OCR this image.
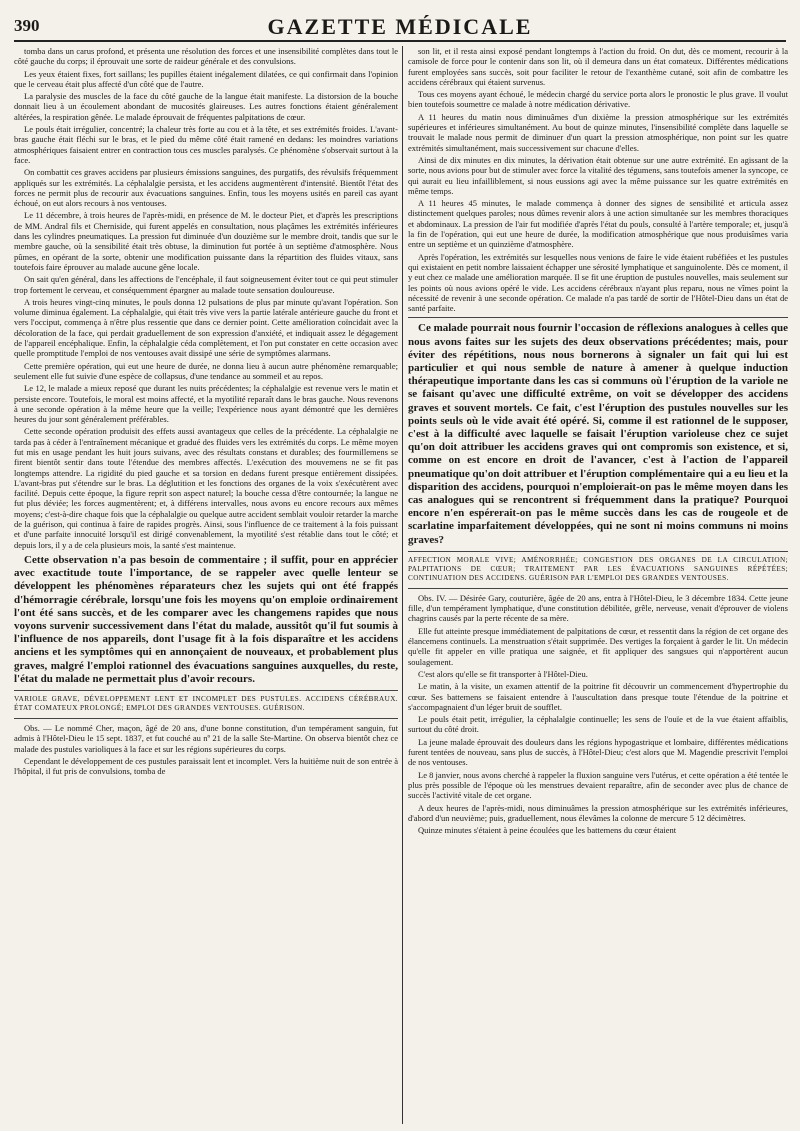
390	GAZETTE MÉDICALE

tomba dans un carus profond, et présenta une résolution des forces et une insensibilité complètes dans tout le côté gauche du corps; il éprouvait une sorte de raideur générale et des convulsions.

Les yeux étaient fixes, fort saillans; les pupilles étaient inégalement dilatées, ce qui confirmait dans l'opinion que le cerveau était plus affecté d'un côté que de l'autre.

La paralysie des muscles de la face du côté gauche de la langue était manifeste. La distorsion de la bouche donnait lieu à un écoulement abondant de mucosités glaireuses. Les autres fonctions étaient généralement altérées, la respiration gênée. Le malade éprouvait de fréquentes palpitations de cœur.

Le pouls était irrégulier, concentré; la chaleur très forte au cou et à la tête, et ses extrémités froides. L'avant-bras gauche était fléchi sur le bras, et le pied du même côté était ramené en dedans: les moindres variations atmosphériques faisaient entrer en contraction tous ces muscles paralysés. Ce phénomène s'observait surtout à la face.

On combattit ces graves accidens par plusieurs émissions sanguines, des purgatifs, des révulsifs fréquemment appliqués sur les extrémités. La céphalalgie persista, et les accidens augmentèrent d'intensité. Bientôt l'état des forces ne permit plus de recourir aux évacuations sanguines. Enfin, tous les moyens usités en pareil cas ayant échoué, on eut alors recours à nos ventouses.

Le 11 décembre, à trois heures de l'après-midi, en présence de M. le docteur Piet, et d'après les prescriptions de MM. Andral fils et Cherniside, qui furent appelés en consultation, nous plaçâmes les extrémités inférieures dans les cylindres pneumatiques. La pression fut diminuée d'un douzième sur le membre droit, tandis que sur le membre gauche, où la sensibilité était très obtuse, la diminution fut portée à un septième d'atmosphère. Nous pûmes, en opérant de la sorte, obtenir une modification puissante dans la répartition des fluides vitaux, sans toutefois faire éprouver au malade aucune gêne locale.

On sait qu'en général, dans les affections de l'encéphale, il faut soigneusement éviter tout ce qui peut stimuler trop fortement le cerveau, et conséquemment épargner au malade toute sensation douloureuse.

A trois heures vingt-cinq minutes, le pouls donna 12 pulsations de plus par minute qu'avant l'opération. Son volume diminua également. La céphalalgie, qui était très vive vers la partie latérale antérieure gauche du front et vers l'occiput, commença à n'être plus ressentie que dans ce dernier point. Cette amélioration coïncidait avec la décoloration de la face, qui perdait graduellement de son expression d'anxiété, et indiquait assez le dégagement de l'appareil encéphalique. Enfin, la céphalalgie céda complètement, et l'on put constater en cette occasion avec quelle promptitude l'emploi de nos ventouses avait dissipé une série de symptômes alarmans.

Cette première opération, qui eut une heure de durée, ne donna lieu à aucun autre phénomène remarquable; seulement elle fut suivie d'une espèce de collapsus, d'une tendance au sommeil et au repos.

Le 12, le malade a mieux reposé que durant les nuits précédentes; la céphalalgie est revenue vers le matin et persiste encore. Toutefois, le moral est moins affecté, et la myotilité reparaît dans le bras gauche. Nous revenons à une seconde opération à la même heure que la veille; l'expérience nous ayant démontré que les dernières heures du jour sont généralement préférables.

Cette seconde opération produisit des effets aussi avantageux que celles de la précédente. La céphalalgie ne tarda pas à céder à l'entraînement mécanique et gradué des fluides vers les extrémités du corps. Le même moyen fut mis en usage pendant les huit jours suivans, avec des résultats constans et durables; des fourmillemens se firent bientôt sentir dans toute l'étendue des membres affectés. L'exécution des mouvemens ne se fit pas longtemps attendre. La rigidité du pied gauche et sa torsion en dedans furent presque entièrement dissipées. L'avant-bras put s'étendre sur le bras. La déglutition et les fonctions des organes de la voix s'exécutèrent avec facilité. Depuis cette époque, la figure reprit son aspect naturel; la bouche cessa d'être contournée; la langue ne fut plus déviée; les forces augmentèrent; et, à différens intervalles, nous avons eu encore recours aux mêmes moyens; c'est-à-dire chaque fois que la céphalalgie ou quelque autre accident semblait vouloir retarder la marche de la guérison, qui continua à faire de rapides progrès. Ainsi, sous l'influence de ce traitement à la fois puissant et d'une parfaite innocuité lorsqu'il est dirigé convenablement, la myotilité s'est rétablie dans tout le côté; et depuis lors, il y a de cela plusieurs mois, la santé s'est maintenue.

Cette observation n'a pas besoin de commentaire ; il suffit, pour en apprécier avec exactitude toute l'importance, de se rappeler avec quelle lenteur se développent les phénomènes réparateurs chez les sujets qui ont été frappés d'hémorragie cérébrale, lorsqu'une fois les moyens qu'on emploie ordinairement l'ont été sans succès, et de les comparer avec les changemens rapides que nous voyons survenir successivement dans l'état du malade, aussitôt qu'il fut soumis à l'influence de nos appareils, dont l'usage fit à la fois disparaître et les accidens anciens et les symptômes qui en annonçaient de nouveaux, et probablement plus graves, malgré l'emploi rationnel des évacuations sanguines auxquelles, du reste, l'état du malade ne permettait plus d'avoir recours.

VARIOLE GRAVE, DÉVELOPPEMENT LENT ET INCOMPLET DES PUSTULES. ACCIDENS CÉRÉBRAUX. ÉTAT COMATEUX PROLONGÉ; EMPLOI DES GRANDES VENTOUSES. GUÉRISON.

Obs. — Le nommé Cher, maçon, âgé de 20 ans, d'une bonne constitution, d'un tempérament sanguin, fut admis à l'Hôtel-Dieu le 15 sept. 1837, et fut couché au nº 21 de la salle Ste-Martine. On observa bientôt chez ce malade des pustules varioliques à la face et sur les régions supérieures du corps.

Cependant le développement de ces pustules paraissait lent et incomplet. Vers la huitième nuit de son entrée à l'hôpital, il fut pris de convulsions, tomba de

son lit, et il resta ainsi exposé pendant longtemps à l'action du froid. On dut, dès ce moment, recourir à la camisole de force pour le contenir dans son lit, où il demeura dans un état comateux. Différentes médications furent employées sans succès, soit pour faciliter le retour de l'exanthème cutané, soit afin de combattre les accidens cérébraux qui étaient survenus.

Tous ces moyens ayant échoué, le médecin chargé du service porta alors le pronostic le plus grave. Il voulut bien toutefois soumettre ce malade à notre médication dérivative.

A 11 heures du matin nous diminuâmes d'un dixième la pression atmosphérique sur les extrémités supérieures et inférieures simultanément. Au bout de quinze minutes, l'insensibilité complète dans laquelle se trouvait le malade nous permit de diminuer d'un quart la pression atmosphérique, non point sur les quatre extrémités simultanément, mais successivement sur chacune d'elles.

Ainsi de dix minutes en dix minutes, la dérivation était obtenue sur une autre extrémité. En agissant de la sorte, nous avions pour but de stimuler avec force la vitalité des tégumens, sans toutefois amener la syncope, ce qui aurait eu lieu infailliblement, si nous eussions agi avec la même puissance sur les quatre extrémités en même temps.

A 11 heures 45 minutes, le malade commença à donner des signes de sensibilité et articula assez distinctement quelques paroles; nous dûmes revenir alors à une action simultanée sur les membres thoraciques et abdominaux. La pression de l'air fut modifiée d'après l'état du pouls, consulté à l'artère temporale; et, jusqu'à la fin de l'opération, qui eut une heure de durée, la modification atmosphérique que nous produisîmes varia entre un septième et un quinzième d'atmosphère.

Après l'opération, les extrémités sur lesquelles nous venions de faire le vide étaient rubéfiées et les pustules qui existaient en petit nombre laissaient échapper une sérosité lymphatique et sanguinolente. Dès ce moment, il y eut chez ce malade une amélioration marquée. Il se fit une éruption de pustules nouvelles, mais seulement sur les points où nous avions opéré le vide. Les accidens cérébraux n'ayant plus reparu, nous ne vîmes point la nécessité de revenir à une seconde opération. Ce malade n'a pas tardé de sortir de l'Hôtel-Dieu dans un état de santé parfaite.

Ce malade pourrait nous fournir l'occasion de réflexions analogues à celles que nous avons faites sur les sujets des deux observations précédentes; mais, pour éviter des répétitions, nous nous bornerons à signaler un fait qui lui est particulier et qui nous semble de nature à amener à quelque induction thérapeutique importante dans les cas si communs où l'éruption de la variole ne se faisant qu'avec une difficulté extrême, on voit se développer des accidens graves et souvent mortels. Ce fait, c'est l'éruption des pustules nouvelles sur les points seuls où le vide avait été opéré. Si, comme il est rationnel de le supposer, c'est à la difficulté avec laquelle se faisait l'éruption varioleuse chez ce sujet qu'on doit attribuer les accidens graves qui ont compromis son existence, et si, comme on est encore en droit de l'avancer, c'est à l'action de l'appareil pneumatique qu'on doit attribuer et l'éruption complémentaire qui a eu lieu et la disparition des accidens, pourquoi n'emploierait-on pas le même moyen dans les cas analogues qui se rencontrent si fréquemment dans la pratique? Pourquoi encore n'en espérerait-on pas le même succès dans les cas de rougeole et de scarlatine imparfaitement développées, qui ne sont ni moins communs ni moins graves?

AFFECTION MORALE VIVE; AMÉNORRHÉE; CONGESTION DES ORGANES DE LA CIRCULATION; PALPITATIONS DE CŒUR; TRAITEMENT PAR LES ÉVACUATIONS SANGUINES RÉPÉTÉES; CONTINUATION DES ACCIDENS. GUÉRISON PAR L'EMPLOI DES GRANDES VENTOUSES.

Obs. IV. — Désirée Gary, couturière, âgée de 20 ans, entra à l'Hôtel-Dieu, le 3 décembre 1834. Cette jeune fille, d'un tempérament lymphatique, d'une constitution débilitée, grêle, nerveuse, venait d'éprouver de violens chagrins causés par la perte récente de sa mère.

Elle fut atteinte presque immédiatement de palpitations de cœur, et ressentit dans la région de cet organe des élancemens continuels. La menstruation s'était supprimée. Des vertiges la forçaient à garder le lit. Un médecin qu'elle fit appeler en ville pratiqua une saignée, et fit appliquer des sangsues qui n'apportèrent aucun soulagement.

C'est alors qu'elle se fit transporter à l'Hôtel-Dieu.

Le matin, à la visite, un examen attentif de la poitrine fit découvrir un commencement d'hypertrophie du cœur. Ses battemens se faisaient entendre à l'auscultation dans presque toute l'étendue de la poitrine et s'accompagnaient d'un léger bruit de soufflet.

Le pouls était petit, irrégulier, la céphalalgie continuelle; les sens de l'ouïe et de la vue étaient affaiblis, surtout du côté droit.

La jeune malade éprouvait des douleurs dans les régions hypogastrique et lombaire, différentes médications furent tentées de nouveau, sans plus de succès, à l'Hôtel-Dieu; c'est alors que M. Magendie prescrivit l'emploi de nos ventouses.

Le 8 janvier, nous avons cherché à rappeler la fluxion sanguine vers l'utérus, et cette opération a été tentée le plus près possible de l'époque où les menstrues devaient reparaître, afin de seconder avec plus de chance de succès l'activité vitale de cet organe.

A deux heures de l'après-midi, nous diminuâmes la pression atmosphérique sur les extrémités inférieures, d'abord d'un neuvième; puis, graduellement, nous élevâmes la colonne de mercure 5 12 décimètres.

Quinze minutes s'étaient à peine écoulées que les battemens du cœur étaient
